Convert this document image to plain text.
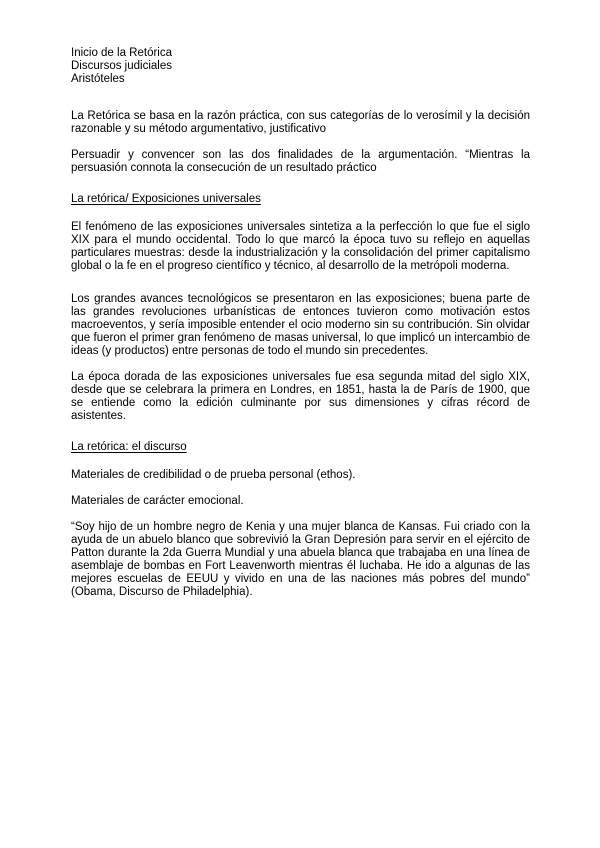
Inicio de la Retórica

Discursos judiciales

Aristóteles

La Retórica se basa en la razón práctica, con sus categorías de lo verosímil y la decisión razonable y su método argumentativo, justificativo

Persuadir y convencer son las dos finalidades de la argumentación. “Mientras la persuasión connota la consecución de un resultado práctico

La retórica/ Exposiciones universales

El fenómeno de las exposiciones universales sintetiza a la perfección lo que fue el siglo XIX para el mundo occidental. Todo lo que marcó la época tuvo su reflejo en aquellas particulares muestras: desde la industrialización y la consolidación del primer capitalismo global o la fe en el progreso científico y técnico, al desarrollo de la metrópoli moderna.

Los grandes avances tecnológicos se presentaron en las exposiciones; buena parte de las grandes revoluciones urbanísticas de entonces tuvieron como motivación estos macroeventos, y sería imposible entender el ocio moderno sin su contribución. Sin olvidar que fueron el primer gran fenómeno de masas universal, lo que implicó un intercambio de ideas (y productos) entre personas de todo el mundo sin precedentes.

La época dorada de las exposiciones universales fue esa segunda mitad del siglo XIX, desde que se celebrara la primera en Londres, en 1851, hasta la de París de 1900, que se entiende como la edición culminante por sus dimensiones y cifras récord de asistentes.

La retórica: el discurso

Materiales de credibilidad o de prueba personal (ethos).

Materiales de carácter emocional.

“Soy hijo de un hombre negro de Kenia y una mujer blanca de Kansas. Fui criado con la ayuda de un abuelo blanco que sobrevivió la Gran Depresión para servir en el ejército de Patton durante la 2da Guerra Mundial y una abuela blanca que trabajaba en una línea de asemblaje de bombas en Fort Leavenworth mientras él luchaba. He ido a algunas de las mejores escuelas de EEUU y vivido en una de las naciones más pobres del mundo” (Obama, Discurso de Philadelphia).
